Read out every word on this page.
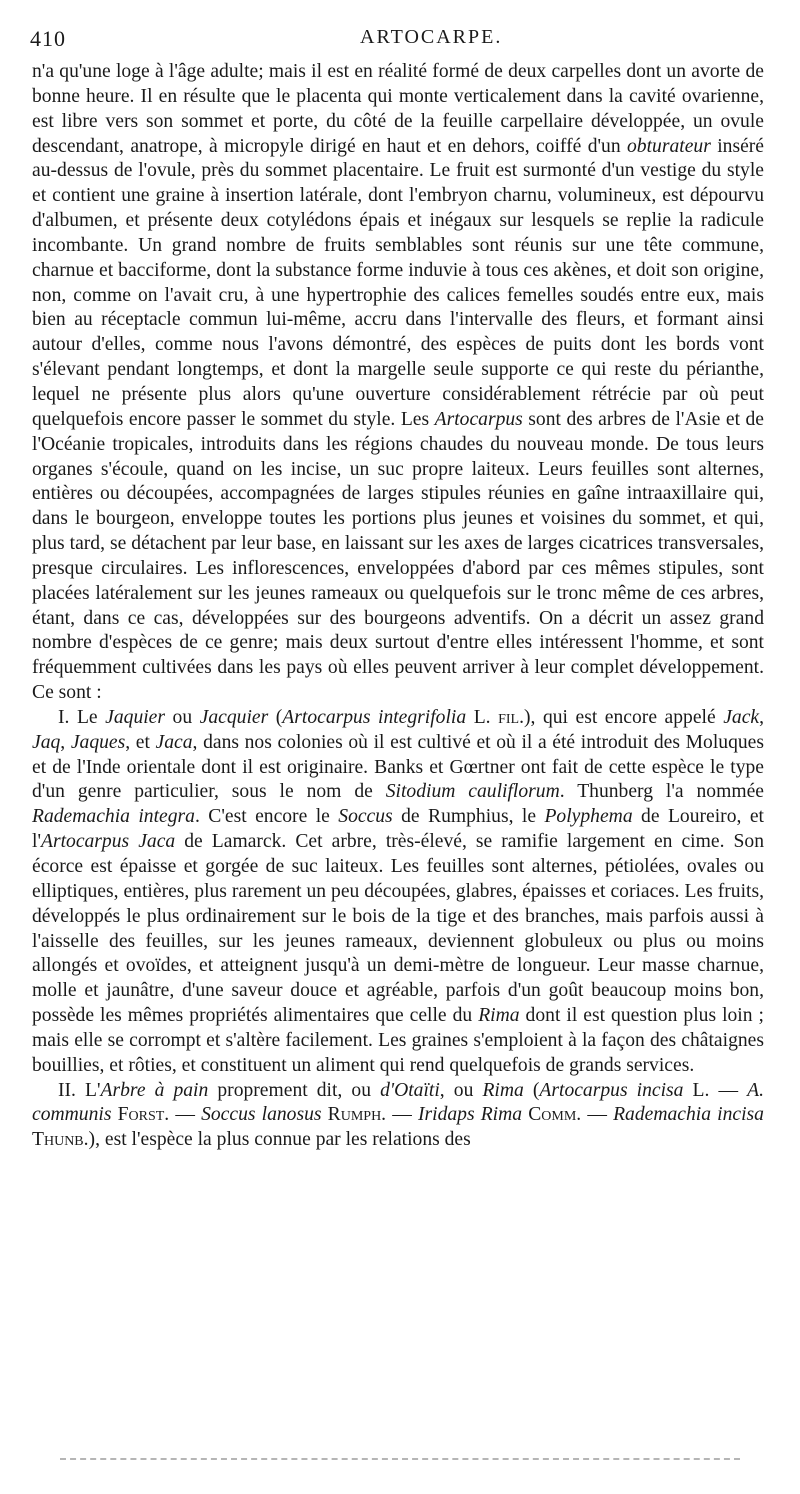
410	ARTOCARPE.

n'a qu'une loge à l'âge adulte; mais il est en réalité formé de deux carpelles dont un avorte de bonne heure. Il en résulte que le placenta qui monte verticalement dans la cavité ovarienne, est libre vers son sommet et porte, du côté de la feuille carpellaire développée, un ovule descendant, anatrope, à micropyle dirigé en haut et en dehors, coiffé d'un obturateur inséré au-dessus de l'ovule, près du sommet placentaire. Le fruit est surmonté d'un vestige du style et contient une graine à insertion latérale, dont l'embryon charnu, volumineux, est dépourvu d'albumen, et présente deux cotylédons épais et inégaux sur lesquels se replie la radicule incombante. Un grand nombre de fruits semblables sont réunis sur une tête commune, charnue et bacciforme, dont la substance forme induvie à tous ces akènes, et doit son origine, non, comme on l'avait cru, à une hypertrophie des calices femelles soudés entre eux, mais bien au réceptacle commun lui-même, accru dans l'intervalle des fleurs, et formant ainsi autour d'elles, comme nous l'avons démontré, des espèces de puits dont les bords vont s'élevant pendant longtemps, et dont la margelle seule supporte ce qui reste du périanthe, lequel ne présente plus alors qu'une ouverture considérablement rétrécie par où peut quelquefois encore passer le sommet du style. Les Artocarpus sont des arbres de l'Asie et de l'Océanie tropicales, introduits dans les régions chaudes du nouveau monde. De tous leurs organes s'écoule, quand on les incise, un suc propre laiteux. Leurs feuilles sont alternes, entières ou découpées, accompagnées de larges stipules réunies en gaîne intraaxillaire qui, dans le bourgeon, enveloppe toutes les portions plus jeunes et voisines du sommet, et qui, plus tard, se détachent par leur base, en laissant sur les axes de larges cicatrices transversales, presque circulaires. Les inflorescences, enveloppées d'abord par ces mêmes stipules, sont placées latéralement sur les jeunes rameaux ou quelquefois sur le tronc même de ces arbres, étant, dans ce cas, développées sur des bourgeons adventifs. On a décrit un assez grand nombre d'espèces de ce genre; mais deux surtout d'entre elles intéressent l'homme, et sont fréquemment cultivées dans les pays où elles peuvent arriver à leur complet développement. Ce sont :

I. Le Jaquier ou Jacquier (Artocarpus integrifolia L. fil.), qui est encore appelé Jack, Jaq, Jaques, et Jaca, dans nos colonies où il est cultivé et où il a été introduit des Moluques et de l'Inde orientale dont il est originaire. Banks et Gœrtner ont fait de cette espèce le type d'un genre particulier, sous le nom de Sitodium cauliflorum. Thunberg l'a nommée Rademachia integra. C'est encore le Soccus de Rumphius, le Polyphema de Loureiro, et l'Artocarpus Jaca de Lamarck. Cet arbre, très-élevé, se ramifie largement en cime. Son écorce est épaisse et gorgée de suc laiteux. Les feuilles sont alternes, pétiolées, ovales ou elliptiques, entières, plus rarement un peu découpées, glabres, épaisses et coriaces. Les fruits, développés le plus ordinairement sur le bois de la tige et des branches, mais parfois aussi à l'aisselle des feuilles, sur les jeunes rameaux, deviennent globuleux ou plus ou moins allongés et ovoïdes, et atteignent jusqu'à un demi-mètre de longueur. Leur masse charnue, molle et jaunâtre, d'une saveur douce et agréable, parfois d'un goût beaucoup moins bon, possède les mêmes propriétés alimentaires que celle du Rima dont il est question plus loin ; mais elle se corrompt et s'altère facilement. Les graines s'emploient à la façon des châtaignes bouillies, et rôties, et constituent un aliment qui rend quelquefois de grands services.

II. L'Arbre à pain proprement dit, ou d'Otaïti, ou Rima (Artocarpus incisa L. — A. communis Forst. — Soccus lanosus Rumph. — Iridaps Rima Comm. — Rademachia incisa Thunb.), est l'espèce la plus connue par les relations des
